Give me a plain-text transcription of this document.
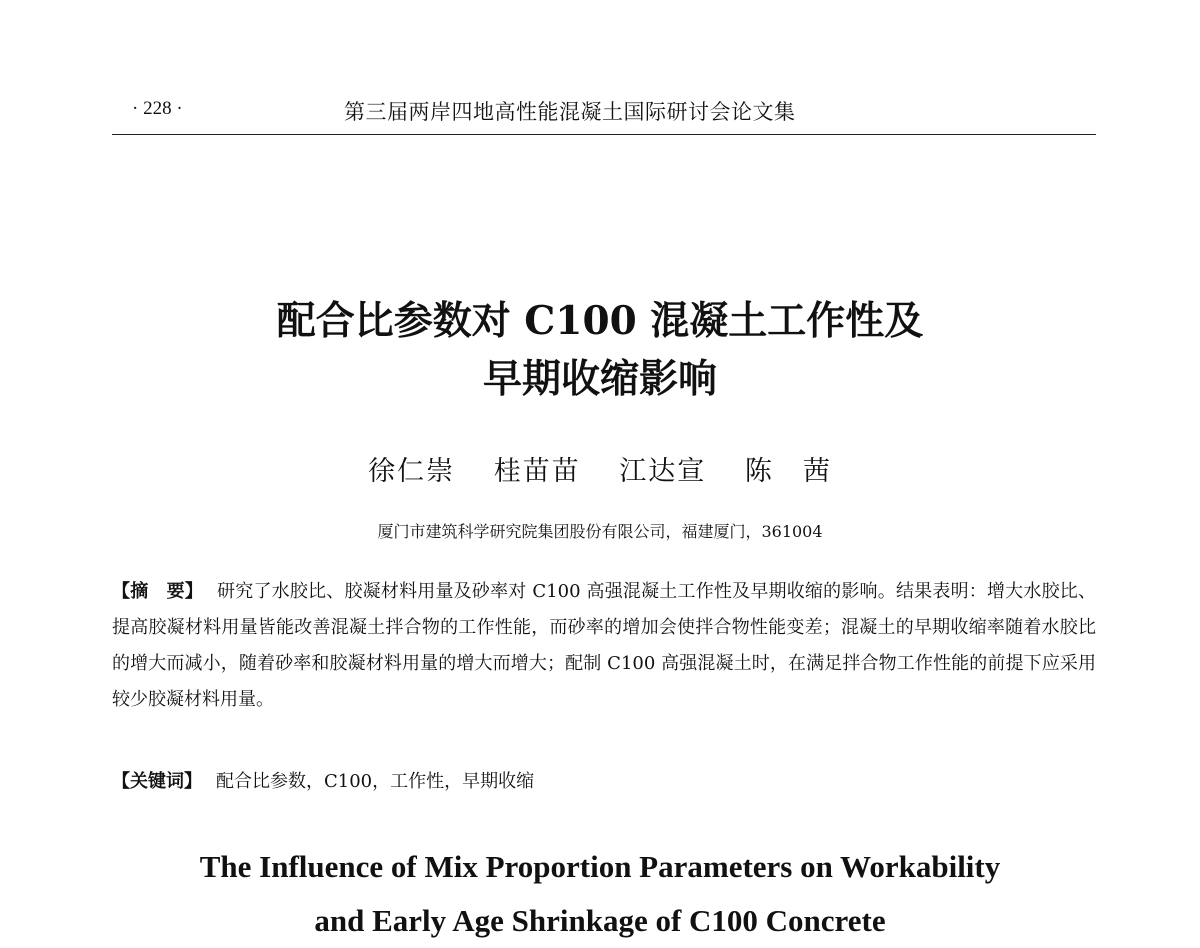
· 228 ·	第三届两岸四地高性能混凝土国际研讨会论文集
配合比参数对 C100 混凝土工作性及
早期收缩影响
徐仁崇 桂苗苗 江达宣 陈　茜
厦门市建筑科学研究院集团股份有限公司，福建厦门，361004
【摘　要】 研究了水胶比、胶凝材料用量及砂率对 C100 高强混凝土工作性及早期收缩的影响。结果表明：增大水胶比、提高胶凝材料用量皆能改善混凝土拌合物的工作性能，而砂率的增加会使拌合物性能变差；混凝土的早期收缩率随着水胶比的增大而减小，随着砂率和胶凝材料用量的增大而增大；配制 C100 高强混凝土时，在满足拌合物工作性能的前提下应采用较少胶凝材料用量。
【关键词】 配合比参数，C100，工作性，早期收缩
The Influence of Mix Proportion Parameters on Workability
and Early Age Shrinkage of C100 Concrete
